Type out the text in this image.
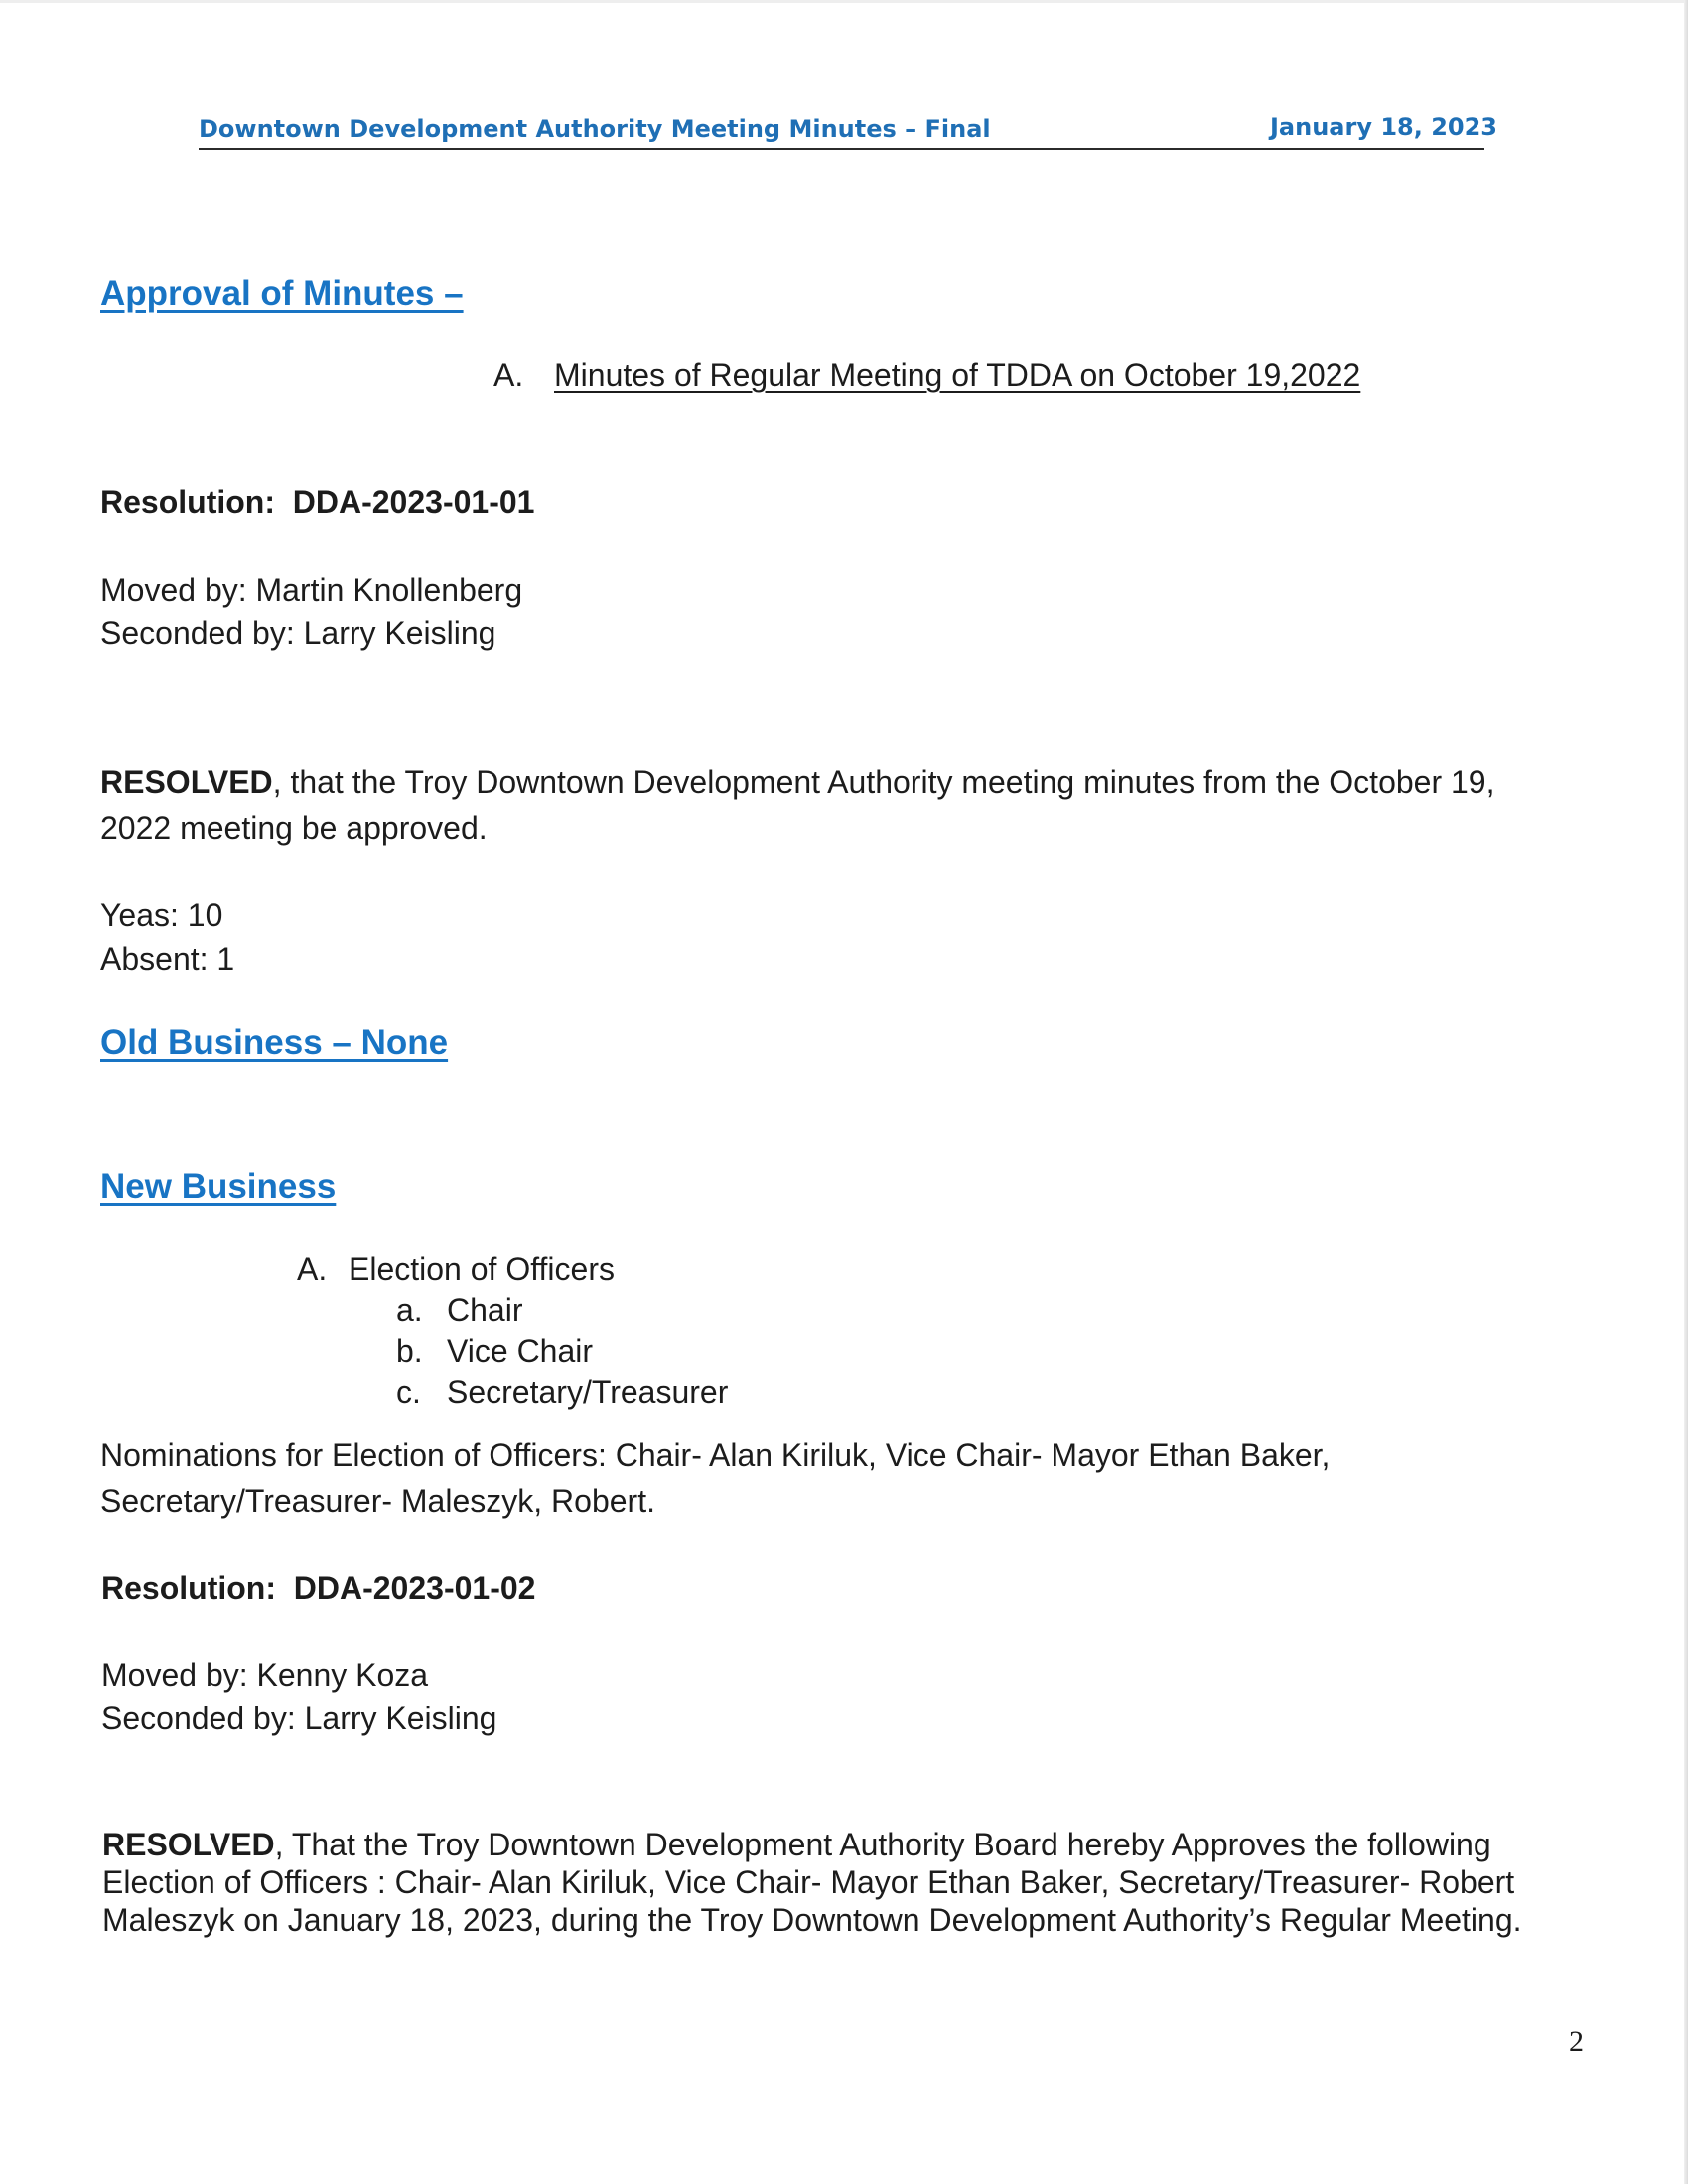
Downtown Development Authority Meeting Minutes – Final	January 18, 2023
Approval of Minutes –
A. Minutes of Regular Meeting of TDDA on October 19,2022
Resolution: DDA-2023-01-01
Moved by: Martin Knollenberg
Seconded by: Larry Keisling
RESOLVED, that the Troy Downtown Development Authority meeting minutes from the October 19,
2022 meeting be approved.
Yeas: 10
Absent: 1
Old Business – None
New Business
A. Election of Officers
a. Chair
b. Vice Chair
c. Secretary/Treasurer
Nominations for Election of Officers: Chair- Alan Kiriluk, Vice Chair- Mayor Ethan Baker,
Secretary/Treasurer- Maleszyk, Robert.
Resolution: DDA-2023-01-02
Moved by: Kenny Koza
Seconded by: Larry Keisling
RESOLVED, That the Troy Downtown Development Authority Board hereby Approves the following
Election of Officers : Chair- Alan Kiriluk, Vice Chair- Mayor Ethan Baker, Secretary/Treasurer- Robert
Maleszyk on January 18, 2023, during the Troy Downtown Development Authority’s Regular Meeting.
2
